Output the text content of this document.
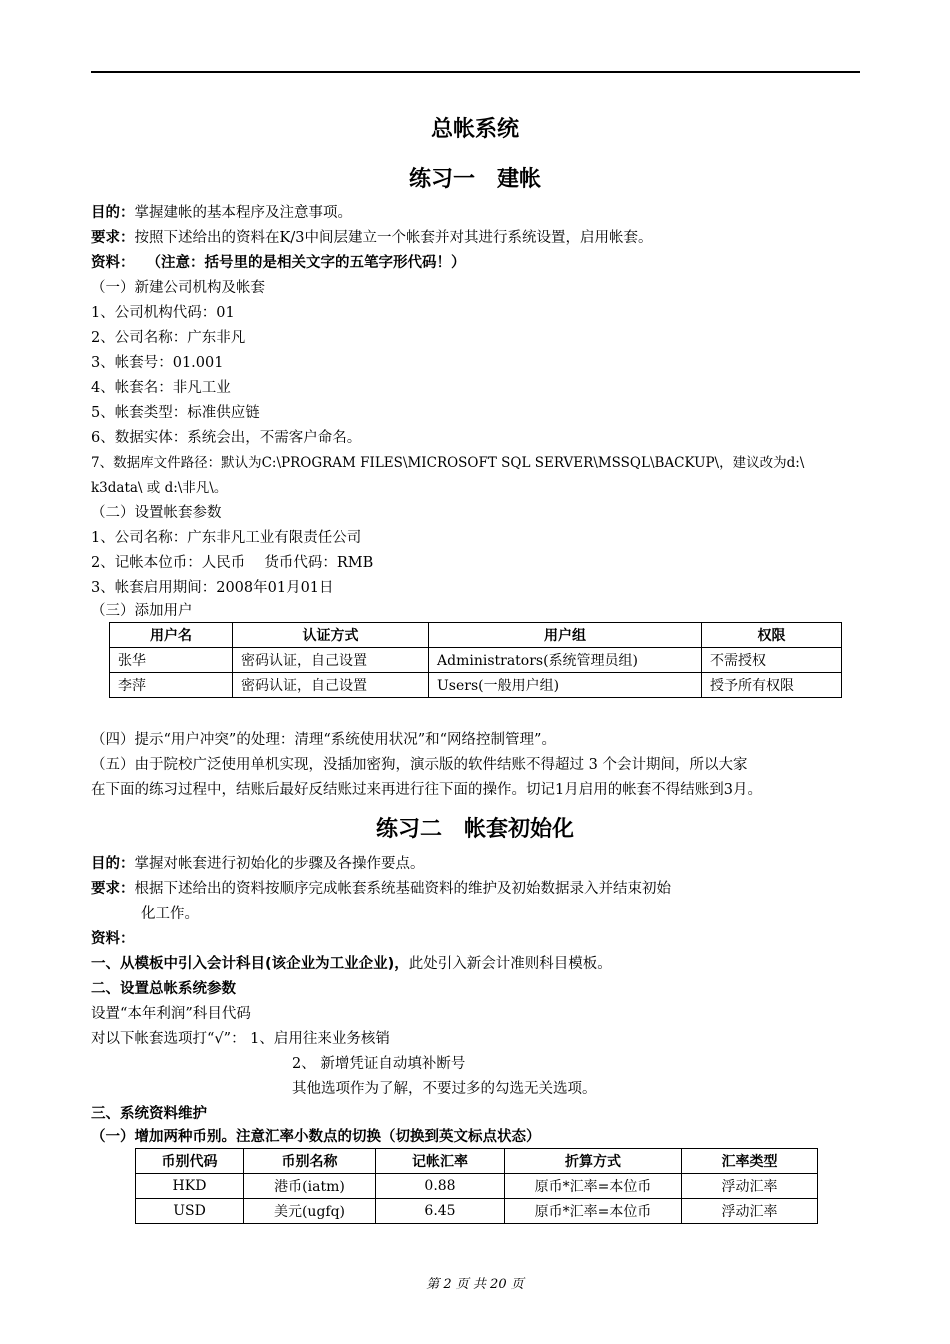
总帐系统
练习一　建帐
目的：掌握建帐的基本程序及注意事项。
要求：按照下述给出的资料在K/3中间层建立一个帐套并对其进行系统设置，启用帐套。
资料： （注意：括号里的是相关文字的五笔字形代码！）
（一）新建公司机构及帐套
1、公司机构代码：01
2、公司名称：广东非凡
3、帐套号：01.001
4、帐套名：非凡工业
5、帐套类型：标准供应链
6、数据实体：系统会出，不需客户命名。
7、数据库文件路径：默认为C:\PROGRAM FILES\MICROSOFT SQL SERVER\MSSQL\BACKUP\，建议改为d:\
k3data\ 或 d:\非凡\。
（二）设置帐套参数
1、公司名称：广东非凡工业有限责任公司
2、记帐本位币：人民币　 货币代码：RMB
3、帐套启用期间：2008年01月01日
（三）添加用户
用户名	认证方式	用户组	权限
张华	密码认证，自己设置	Administrators(系统管理员组)	不需授权
李萍	密码认证，自己设置	Users(一般用户组)	授予所有权限
（四）提示“用户冲突”的处理：清理“系统使用状况”和“网络控制管理”。
（五）由于院校广泛使用单机实现，没插加密狗，演示版的软件结账不得超过 3 个会计期间，所以大家
在下面的练习过程中，结账后最好反结账过来再进行往下面的操作。切记1月启用的帐套不得结账到3月。
练习二　帐套初始化
目的：掌握对帐套进行初始化的步骤及各操作要点。
要求：根据下述给出的资料按顺序完成帐套系统基础资料的维护及初始数据录入并结束初始
化工作。
资料：
一、从模板中引入会计科目(该企业为工业企业)，此处引入新会计准则科目模板。
二、设置总帐系统参数
设置“本年利润”科目代码
对以下帐套选项打“√”： 1、启用往来业务核销
2、 新增凭证自动填补断号
其他选项作为了解，不要过多的勾选无关选项。
三、系统资料维护
（一）增加两种币别。注意汇率小数点的切换（切换到英文标点状态）
币别代码	币别名称	记帐汇率	折算方式	汇率类型
HKD	港币(iatm)	0.88	原币*汇率=本位币	浮动汇率
USD	美元(ugfq)	6.45	原币*汇率=本位币	浮动汇率
第 2 页 共 20 页
